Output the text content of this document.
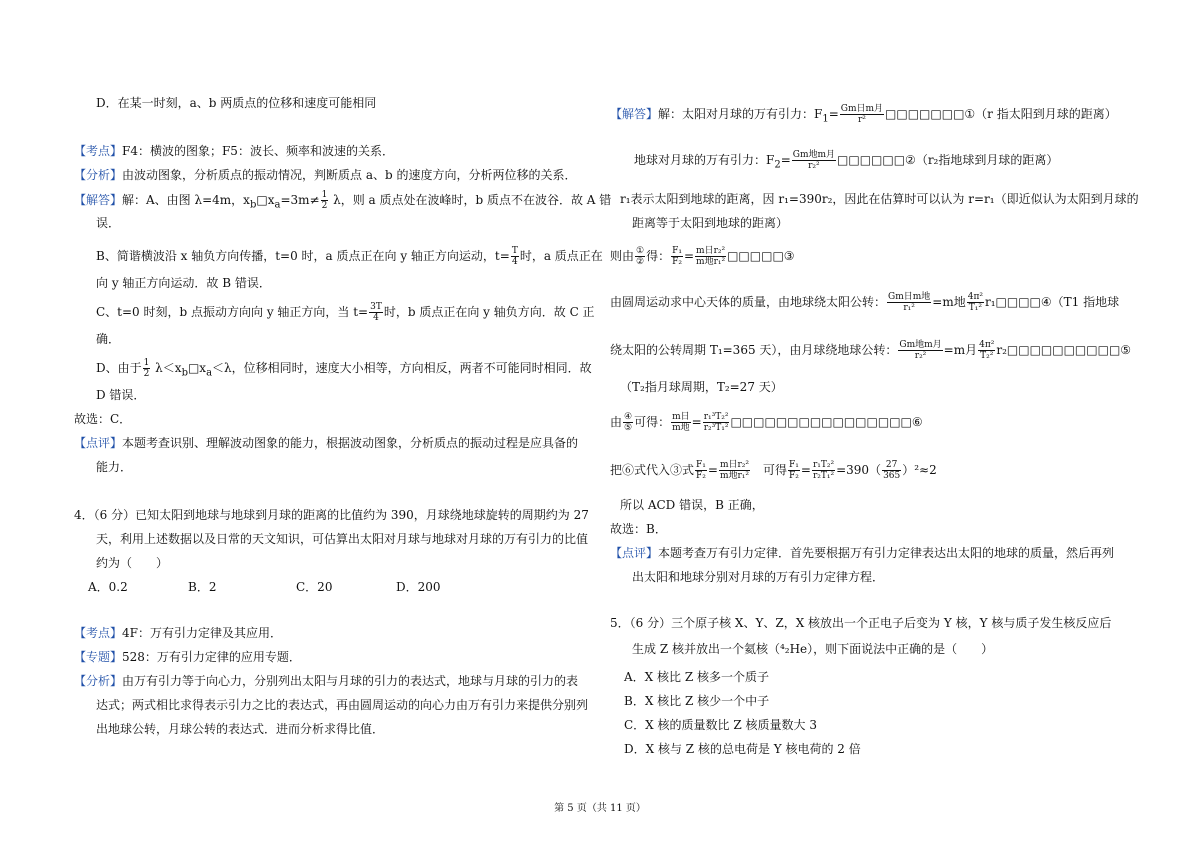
D．在某一时刻，a、b 两质点的位移和速度可能相同
【考点】F4：横波的图象；F5：波长、频率和波速的关系．
【分析】由波动图象，分析质点的振动情况，判断质点 a、b 的速度方向，分析两位移的关系．
【解答】解：A、由图 λ=4m，$x_b□x_a=3m\ne \frac{1}{2}$ λ，则 a 质点处在波峰时，b 质点不在波谷．故 A 错
误．
B、简谐横波沿 x 轴负方向传播，t=0 时，a 质点正在向 y 轴正方向运动，$t= \frac{T}{4}$ 时，a 质点正在
向 y 轴正方向运动．故 B 错误．
C、t=0 时刻，b 点振动方向向 y 轴正方向，当 $t= \frac{3T}{4}$ 时，b 质点正在向 y 轴负方向．故 C 正
确．
D、由于 $\frac{1}{2}$ $\lambda<x_b□x_a<\lambda$，位移相同时，速度大小相等，方向相反，两者不可能同时相同．故
D 错误．
故选：C．
【点评】本题考查识别、理解波动图象的能力，根据波动图象，分析质点的振动过程是应具备的
能力．
4．（6 分）已知太阳到地球与地球到月球的距离的比值约为 390，月球绕地球旋转的周期约为 27
天，利用上述数据以及日常的天文知识，可估算出太阳对月球与地球对月球的万有引力的比值
约为（　　）
A．0.2	B．2	C．20	D．200
【考点】4F：万有引力定律及其应用．
【专题】528：万有引力定律的应用专题．
【分析】由万有引力等于向心力，分别列出太阳与月球的引力的表达式，地球与月球的引力的表
达式；两式相比求得表示引力之比的表达式，再由圆周运动的向心力由万有引力来提供分别列
出地球公转，月球公转的表达式．进而分析求得比值．
【解答】解：太阳对月球的万有引力：$F_1= Gm$日m月
r²	□□□□□□□①（r 指太阳到月球的距离）
地球对月球的万有引力：$F_2= Gm$地m月
r₂²	□□□□□□②（r₂指地球到月球的距离）
r₁表示太阳到地球的距离，因 r₁=390r₂，因此在估算时可以认为 r=r₁（即近似认为太阳到月球的
距离等于太阳到地球的距离）
则由 ①
② 得： $\frac{\text{F₁}}{\text{F₂}} = m$日r₂²
m地r₁² □□□□□③
由圆周运动求中心天体的质量，由地球绕太阳公转： Gm日m地
r₁²	=m地 $\frac{\text{4π²}}{\text{T₁²}}$ r₁□□□□④（T1 指地球
绕太阳的公转周期 T₁=365 天），由月球绕地球公转： Gm地m月
r₂²	=m月 $\frac{\text{4π²}}{\text{T₂²}}$ r₂□□□□□□□□□□⑤
（T₂指月球周期，T₂=27 天）
由 ④
⑤ 可得： m日
m地 = $\frac{\text{r₁³T₂²}}{\text{r₂³T₁²}}$ □□□□□□□□□□□□□□□□⑥
把⑥式代入③式 $\frac{\text{F₁}}{\text{F₂}} = m$日r₂²
m地r₁²
　 可得 $\frac{\text{F₁}}{\text{F₂}} = \frac{\text{r₁T₂²}}{\text{r₂T₁²}} =390( \frac{27}{365} )^2\approx 2$
所以 ACD 错误，B 正确，
故选：B．
【点评】本题考查万有引力定律．首先要根据万有引力定律表达出太阳的地球的质量，然后再列
出太阳和地球分别对月球的万有引力定律方程．
5．（6 分）三个原子核 X、Y、Z，X 核放出一个正电子后变为 Y 核，Y 核与质子发生核反应后
生成 Z 核并放出一个氦核（⁴₂He），则下面说法中正确的是（　　）
A．X 核比 Z 核多一个质子
B．X 核比 Z 核少一个中子
C．X 核的质量数比 Z 核质量数大 3
D．X 核与 Z 核的总电荷是 Y 核电荷的 2 倍
第 5 页（共 11 页）
